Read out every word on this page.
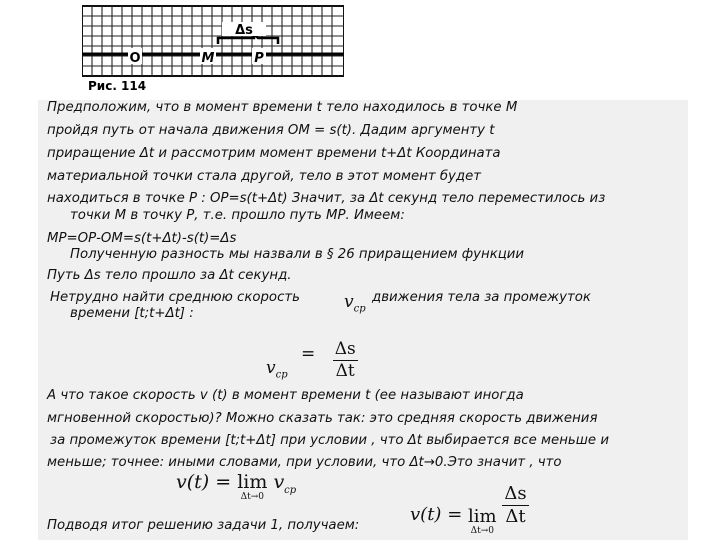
Δs
O	M	P
Рис. 114
Предположим, что в момент времени t тело находилось в точке М
пройдя путь от начала движения ОМ = s(t). Дадим аргументу t
приращение Δt и рассмотрим момент времени t+Δt Координата
материальной точки стала другой, тело в этот момент будет
находиться в точке Р : ОР=s(t+Δt) Значит, за Δt секунд тело переместилось из
точки М в точку Р, т.е. прошло путь МР. Имеем:
МР=ОР-ОМ=s(t+Δt)-s(t)=Δs
Полученную разность мы назвали в § 26 приращением функции
Путь Δs тело прошло за Δt секунд.
Нетрудно найти среднюю скорость	движения тела за промежуток
времени [t;t+Δt] :
$v_{ср}$
$v_{ср} = \frac{\Delta s}{\Delta t}$
А что такое скорость v (t) в момент времени t (ее называют иногда
мгновенной скоростью)? Можно сказать так: это средняя скорость движения
за промежуток времени [t;t+Δt] при условии , что Δt выбирается все меньше и
меньше; точнее: иными словами, при условии, что Δt→0.Это значит , что
v(t) = lim
Δt→0
$v_{ср}$
v(t) = lim
Δt→0

$\frac{\Delta s}{\Delta t}$
Подводя итог решению задачи 1, получаем:
